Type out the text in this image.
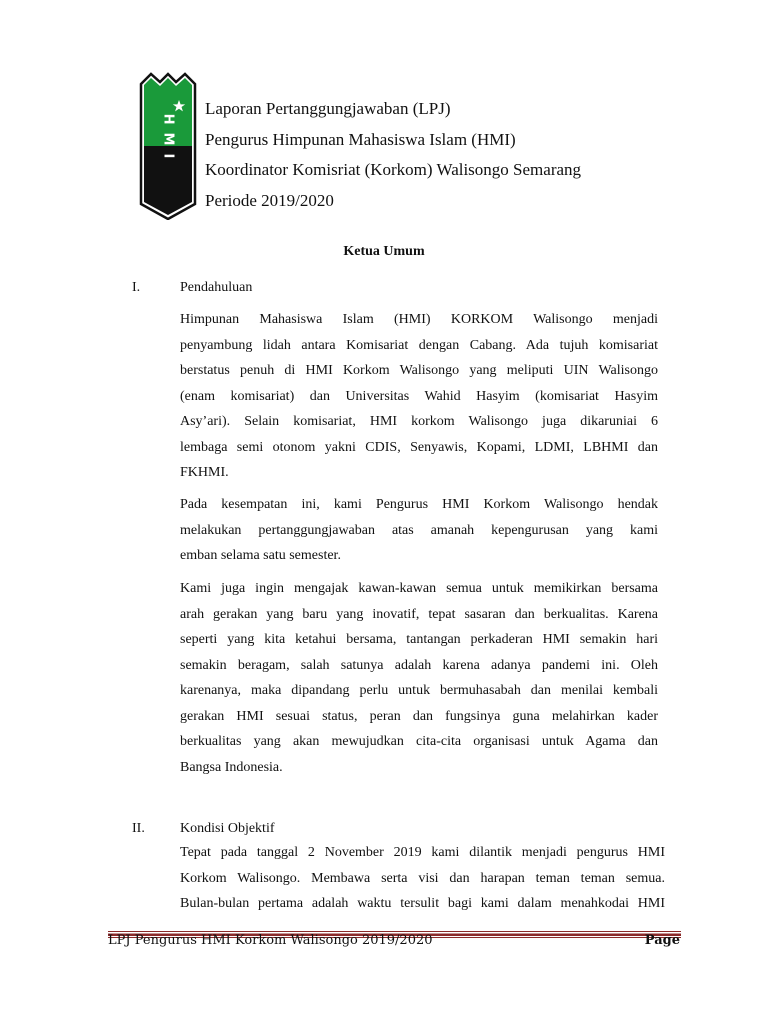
HMI
Laporan Pertanggungjawaban (LPJ)
Pengurus Himpunan Mahasiswa Islam (HMI)
Koordinator Komisriat (Korkom) Walisongo Semarang
Periode 2019/2020
Ketua Umum
I.	Pendahuluan
Himpunan Mahasiswa Islam (HMI) KORKOM Walisongo menjadi
penyambung lidah antara Komisariat dengan Cabang. Ada tujuh komisariat
berstatus penuh di HMI Korkom Walisongo yang meliputi UIN Walisongo
(enam komisariat) dan Universitas Wahid Hasyim (komisariat Hasyim
Asy’ari). Selain komisariat, HMI korkom Walisongo juga dikaruniai 6
lembaga semi otonom yakni CDIS, Senyawis, Kopami, LDMI, LBHMI dan
FKHMI.
Pada kesempatan ini, kami Pengurus HMI Korkom Walisongo hendak
melakukan pertanggungjawaban atas amanah kepengurusan yang kami
emban selama satu semester.
Kami juga ingin mengajak kawan-kawan semua untuk memikirkan bersama
arah gerakan yang baru yang inovatif, tepat sasaran dan berkualitas. Karena
seperti yang kita ketahui bersama, tantangan perkaderan HMI semakin hari
semakin beragam, salah satunya adalah karena adanya pandemi ini. Oleh
karenanya, maka dipandang perlu untuk bermuhasabah dan menilai kembali
gerakan HMI sesuai status, peran dan fungsinya guna melahirkan kader
berkualitas yang akan mewujudkan cita-cita organisasi untuk Agama dan
Bangsa Indonesia.
II.	Kondisi Objektif
Tepat pada tanggal 2 November 2019 kami dilantik menjadi pengurus HMI
Korkom Walisongo. Membawa serta visi dan harapan teman teman semua.
Bulan-bulan pertama adalah waktu tersulit bagi kami dalam menahkodai HMI
LPJ Pengurus HMI Korkom Walisongo 2019/2020	Page
